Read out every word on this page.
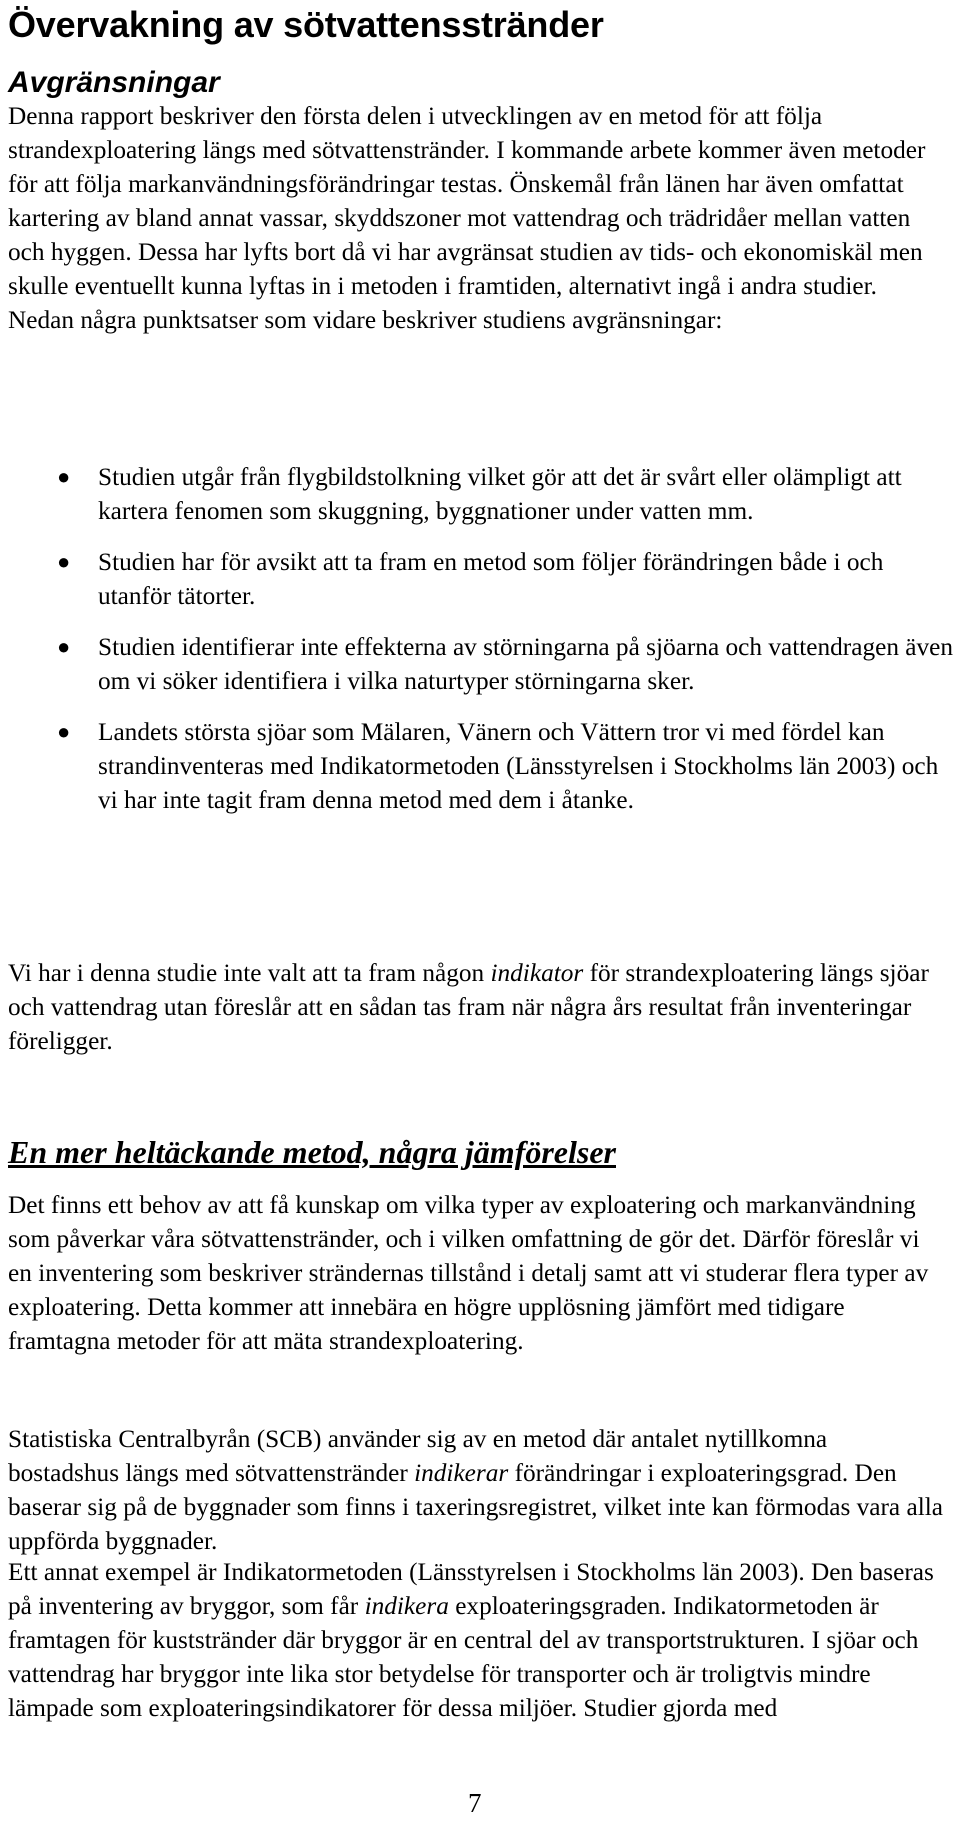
Övervakning av sötvattensstränder
Avgränsningar

Denna rapport beskriver den första delen i utvecklingen av en metod för att följa strandexploatering längs med sötvattenstränder. I kommande arbete kommer även metoder för att följa markanvändningsförändringar testas. Önskemål från länen har även omfattat kartering av bland annat vassar, skyddszoner mot vattendrag och trädridåer mellan vatten och hyggen. Dessa har lyfts bort då vi har avgränsat studien av tids- och ekonomiskäl men skulle eventuellt kunna lyftas in i metoden i framtiden, alternativt ingå i andra studier. Nedan några punktsatser som vidare beskriver studiens avgränsningar:

● Studien utgår från flygbildstolkning vilket gör att det är svårt eller olämpligt att kartera fenomen som skuggning, byggnationer under vatten mm.
● Studien har för avsikt att ta fram en metod som följer förändringen både i och utanför tätorter.
● Studien identifierar inte effekterna av störningarna på sjöarna och vattendragen även om vi söker identifiera i vilka naturtyper störningarna sker.
● Landets största sjöar som Mälaren, Vänern och Vättern tror vi med fördel kan strandinventeras med Indikatormetoden (Länsstyrelsen i Stockholms län 2003) och vi har inte tagit fram denna metod med dem i åtanke.

Vi har i denna studie inte valt att ta fram någon indikator för strandexploatering längs sjöar och vattendrag utan föreslår att en sådan tas fram när några års resultat från inventeringar föreligger.

En mer heltäckande metod, några jämförelser

Det finns ett behov av att få kunskap om vilka typer av exploatering och markanvändning som påverkar våra sötvattenstränder, och i vilken omfattning de gör det. Därför föreslår vi en inventering som beskriver strändernas tillstånd i detalj samt att vi studerar flera typer av exploatering. Detta kommer att innebära en högre upplösning jämfört med tidigare framtagna metoder för att mäta strandexploatering.

Statistiska Centralbyrån (SCB) använder sig av en metod där antalet nytillkomna bostadshus längs med sötvattenstränder indikerar förändringar i exploateringsgrad. Den baserar sig på de byggnader som finns i taxeringsregistret, vilket inte kan förmodas vara alla uppförda byggnader.

Ett annat exempel är Indikatormetoden (Länsstyrelsen i Stockholms län 2003). Den baseras på inventering av bryggor, som får indikera exploateringsgraden. Indikatormetoden är framtagen för kuststränder där bryggor är en central del av transportstrukturen. I sjöar och vattendrag har bryggor inte lika stor betydelse för transporter och är troligtvis mindre lämpade som exploateringsindikatorer för dessa miljöer. Studier gjorda med

7
